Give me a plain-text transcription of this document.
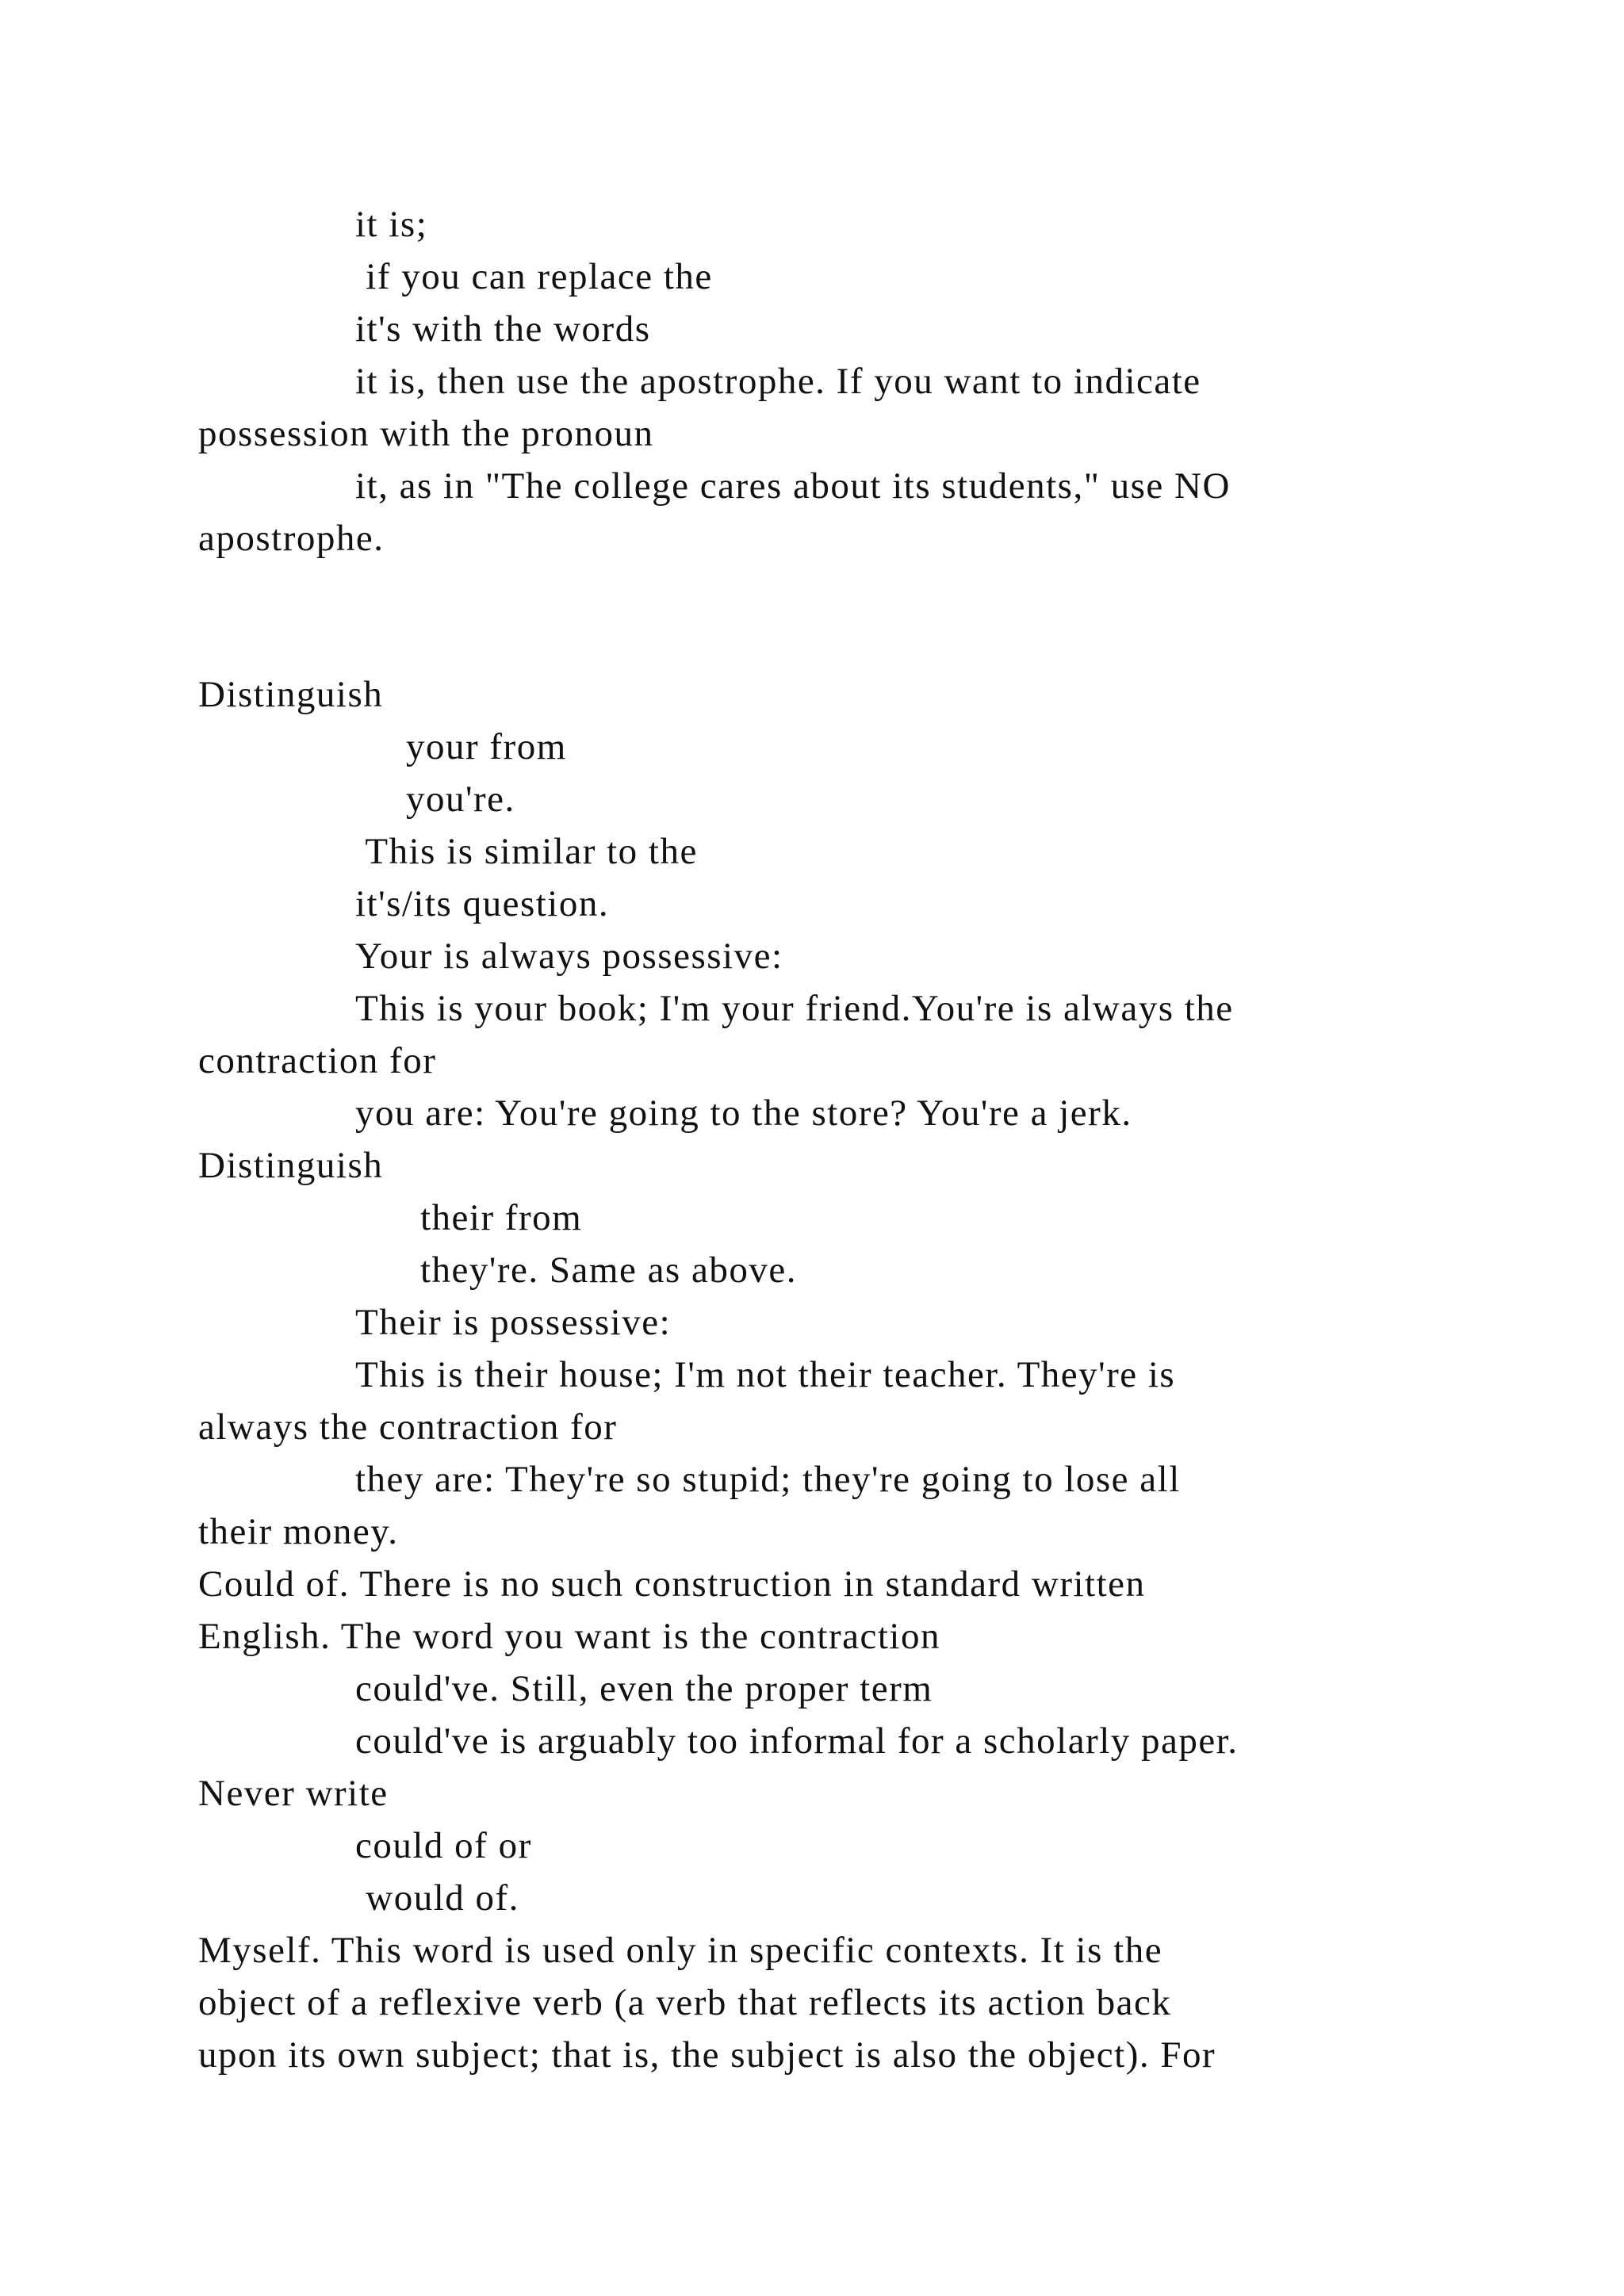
it is;
if you can replace the
it's with the words
it is, then use the apostrophe. If you want to indicate
possession with the pronoun
it, as in "The college cares about its students," use NO
apostrophe.
Distinguish
your from
you're.
This is similar to the
it's/its question.
Your is always possessive:
This is your book; I'm your friend.You're is always the
contraction for
you are: You're going to the store? You're a jerk.
Distinguish
their from
they're. Same as above.
Their is possessive:
This is their house; I'm not their teacher. They're is
always the contraction for
they are: They're so stupid; they're going to lose all
their money.
Could of. There is no such construction in standard written
English. The word you want is the contraction
could've. Still, even the proper term
could've is arguably too informal for a scholarly paper.
Never write
could of or
would of.
Myself. This word is used only in specific contexts. It is the
object of a reflexive verb (a verb that reflects its action back
upon its own subject; that is, the subject is also the object). For
